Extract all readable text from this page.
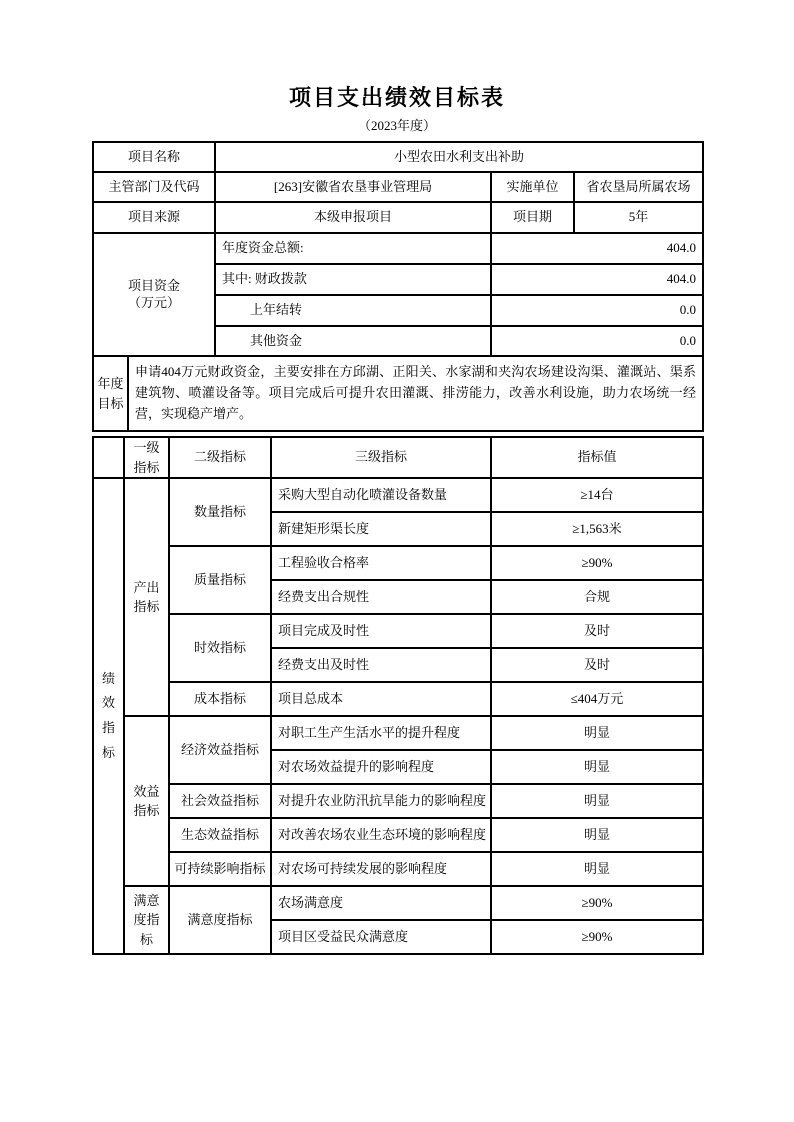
项目支出绩效目标表
（2023年度）
项目名称	小型农田水利支出补助		
主管部门及代码	[263]安徽省农垦事业管理局	实施单位	省农垦局所属农场
项目来源	本级申报项目	项目期	5年

项目资金
（万元）	年度资金总额:	404.0	
	其中: 财政拨款	404.0	
	上年结转	0.0	
	其他资金	0.0	
年度目标	申请404万元财政资金，主要安排在方邱湖、正阳关、水家湖和夹沟农场建设沟渠、灌溉站、渠系建筑物、喷灌设备等。项目完成后可提升农田灌溉、排涝能力，改善水利设施，助力农场统一经营，实现稳产增产。
	一级指标	二级指标	三级指标	指标值
绩效指标	产出指标	数量指标	采购大型自动化喷灌设备数量	≥14台
			新建矩形渠长度	≥1,563米
		质量指标	工程验收合格率	≥90%
			经费支出合规性	合规
		时效指标	项目完成及时性	及时
			经费支出及时性	及时
		成本指标	项目总成本	≤404万元
	效益指标	经济效益指标	对职工生产生活水平的提升程度	明显
			对农场效益提升的影响程度	明显
		社会效益指标	对提升农业防汛抗旱能力的影响程度	明显
		生态效益指标	对改善农场农业生态环境的影响程度	明显
		可持续影响指标	对农场可持续发展的影响程度	明显
	满意度指标	满意度指标	农场满意度	≥90%
			项目区受益民众满意度	≥90%
